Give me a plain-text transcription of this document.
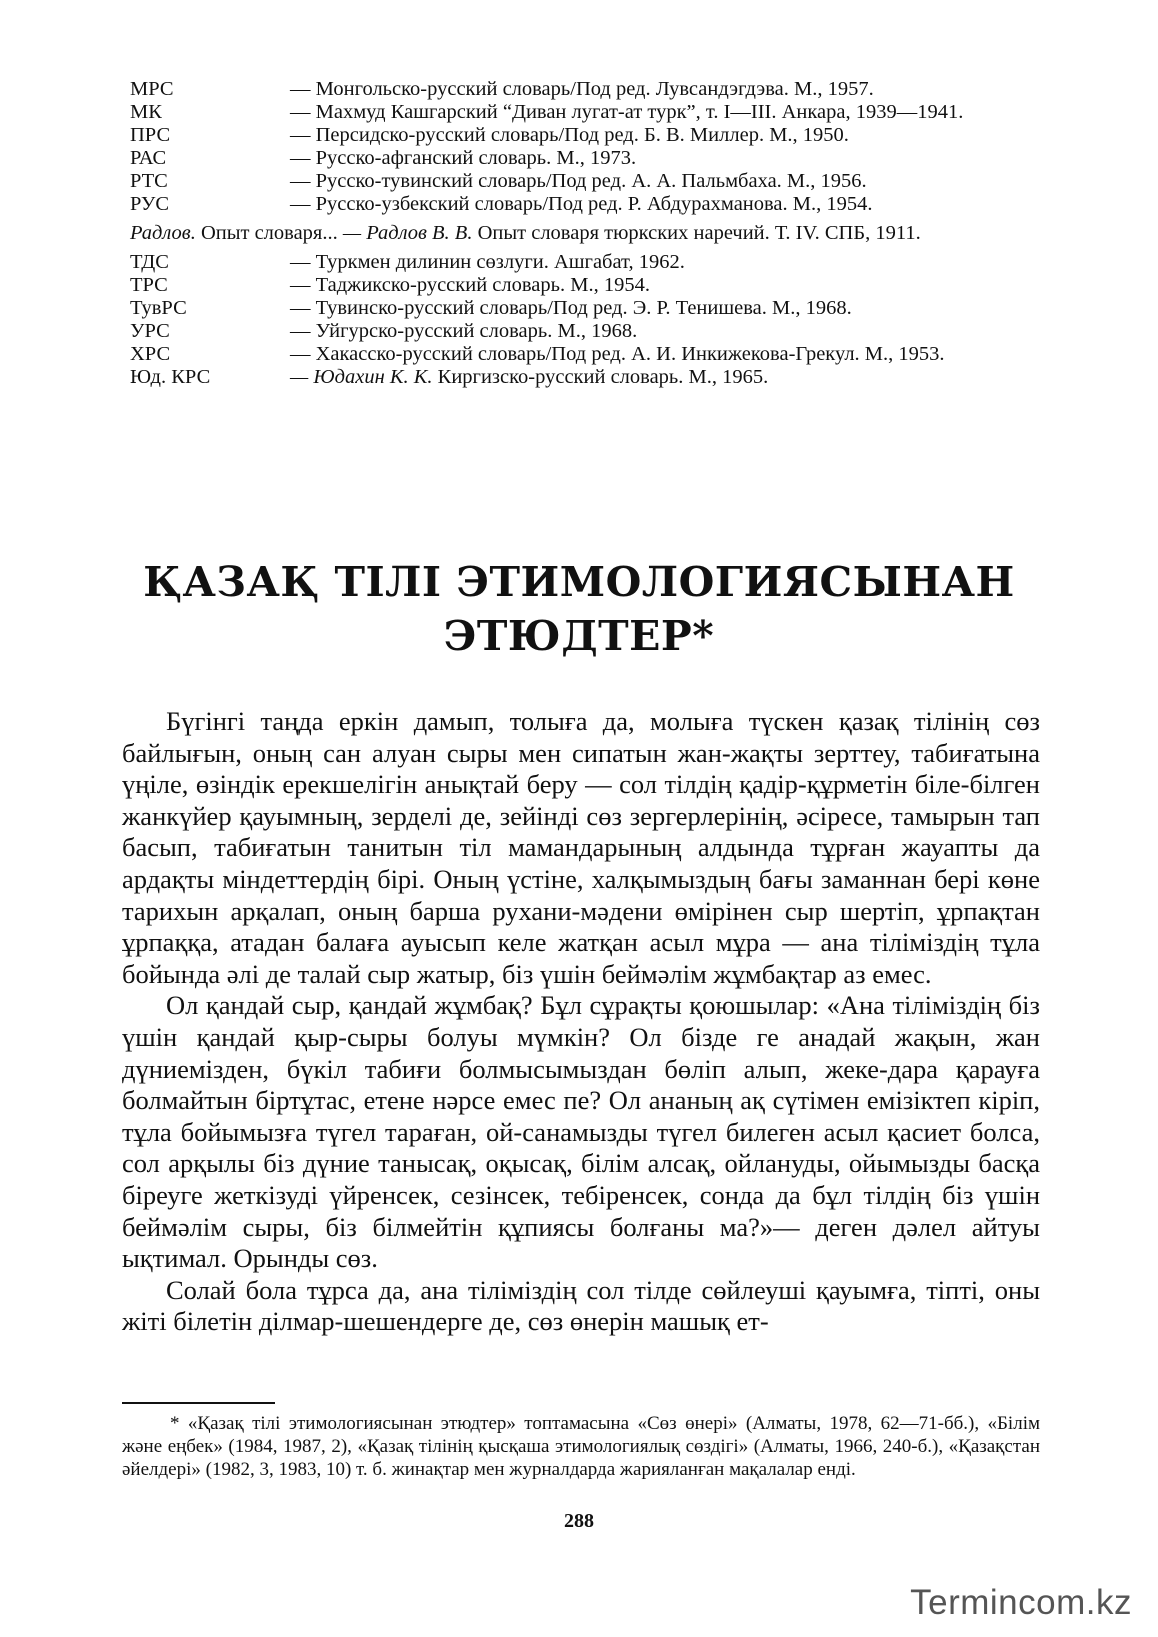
МРС	— Монгольско-русский словарь/Под ред. Лувсандэгдэва. М., 1957.
МК	— Махмуд Кашгарский “Диван лугат-ат турк”, т. I—III. Анкара, 1939—1941.
ПРС	— Персидско-русский словарь/Под ред. Б. В. Миллер. М., 1950.
РАС	— Русско-афганский словарь. М., 1973.
РТС	— Русско-тувинский словарь/Под ред. А. А. Пальмбаха. М., 1956.
РУС	— Русско-узбекский словарь/Под ред. Р. Абдурахманова. М., 1954.
Радлов. Опыт словаря... — Радлов В. В. Опыт словаря тюркских наречий. Т. IV. СПБ, 1911.
ТДС	— Туркмен дилинин сөзлуги. Ашгабат, 1962.
ТРС	— Таджикско-русский словарь. М., 1954.
ТувРС	— Тувинско-русский словарь/Под ред. Э. Р. Тенишева. М., 1968.
УРС	— Уйгурско-русский словарь. М., 1968.
ХРС	— Хакасско-русский словарь/Под ред. А. И. Инкижекова-Грекул. М., 1953.
Юд. КРС	— Юдахин К. К. Киргизско-русский словарь. М., 1965.
ҚАЗАҚ ТІЛІ ЭТИМОЛОГИЯСЫНАН
ЭТЮДТЕР*

Бүгінгі таңда еркін дамып, толыға да, молыға түскен қазақ тілінің сөз байлығын, оның сан алуан сыры мен сипатын жан-жақты зерттеу, табиғатына үңіле, өзіндік ерекшелігін анықтай беру — сол тілдің қадір-құрметін біле-білген жанкүйер қауымның, зерделі де, зейінді сөз зергерлерінің, әсіресе, тамырын тап басып, табиғатын танитын тіл мамандарының алдында тұрған жауапты да ардақты міндеттердің бірі. Оның үстіне, халқымыздың бағы заманнан бері көне тарихын арқалап, оның барша рухани-мәдени өмірінен сыр шертіп, ұрпақтан ұрпаққа, атадан балаға ауысып келе жатқан асыл мұра — ана тіліміздің тұла бойында әлі де талай сыр жатыр, біз үшін беймәлім жұмбақтар аз емес.

Ол қандай сыр, қандай жұмбақ? Бұл сұрақты қоюшылар: «Ана тіліміздің біз үшін қандай қыр-сыры болуы мүмкін? Ол бізде ге анадай жақын, жан дүниемізден, бүкіл табиғи болмысымыздан бөліп алып, жеке-дара қарауға болмайтын біртұтас, етене нәрсе емес пе? Ол ананың ақ сүтімен емізіктеп кіріп, тұла бойымызға түгел тараған, ой-санамызды түгел билеген асыл қасиет болса, сол арқылы біз дүние танысақ, оқысақ, білім алсақ, ойлануды, ойымызды басқа біреуге жеткізуді үйренсек, сезінсек, тебіренсек, сонда да бұл тілдің біз үшін беймәлім сыры, біз білмейтін құпиясы болғаны ма?»— деген дәлел айтуы ықтимал. Орынды сөз.

Солай бола тұрса да, ана тіліміздің сол тілде сөйлеуші қауымға, тіпті, оны жіті білетін ділмар-шешендерге де, сөз өнерін машық ет-

* «Қазақ тілі этимологиясынан этюдтер» топтамасына «Сөз өнері» (Алматы, 1978, 62—71-бб.), «Білім және еңбек» (1984, 1987, 2), «Қазақ тілінің қысқаша этимологиялық сөздігі» (Алматы, 1966, 240-б.), «Қазақстан әйелдері» (1982, 3, 1983, 10) т. б. жинақтар мен журналдарда жарияланған мақалалар енді.
288
Termincom.kz
